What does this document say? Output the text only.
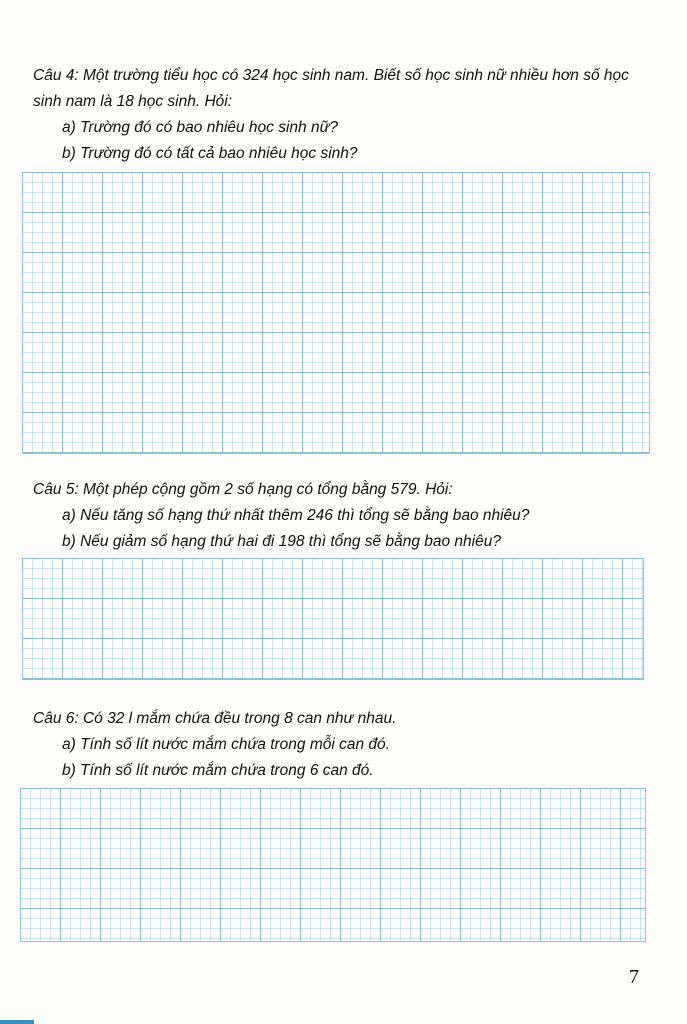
Câu 4: Một trường tiểu học có 324 học sinh nam. Biết số học sinh nữ nhiều hơn số học
sinh nam là 18 học sinh. Hỏi:
a) Trường đó có bao nhiêu học sinh nữ?
b) Trường đó có tất cả bao nhiêu học sinh?
Câu 5: Một phép cộng gồm 2 số hạng có tổng bằng 579. Hỏi:
a) Nếu tăng số hạng thứ nhất thêm 246 thì tổng sẽ bằng bao nhiêu?
b) Nếu giảm số hạng thứ hai đi 198 thì tổng sẽ bằng bao nhiêu?
Câu 6: Có 32 l mắm chứa đều trong 8 can như nhau.
a) Tính số lít nước mắm chứa trong mỗi can đó.
b) Tính số lít nước mắm chứa trong 6 can đó.
7
